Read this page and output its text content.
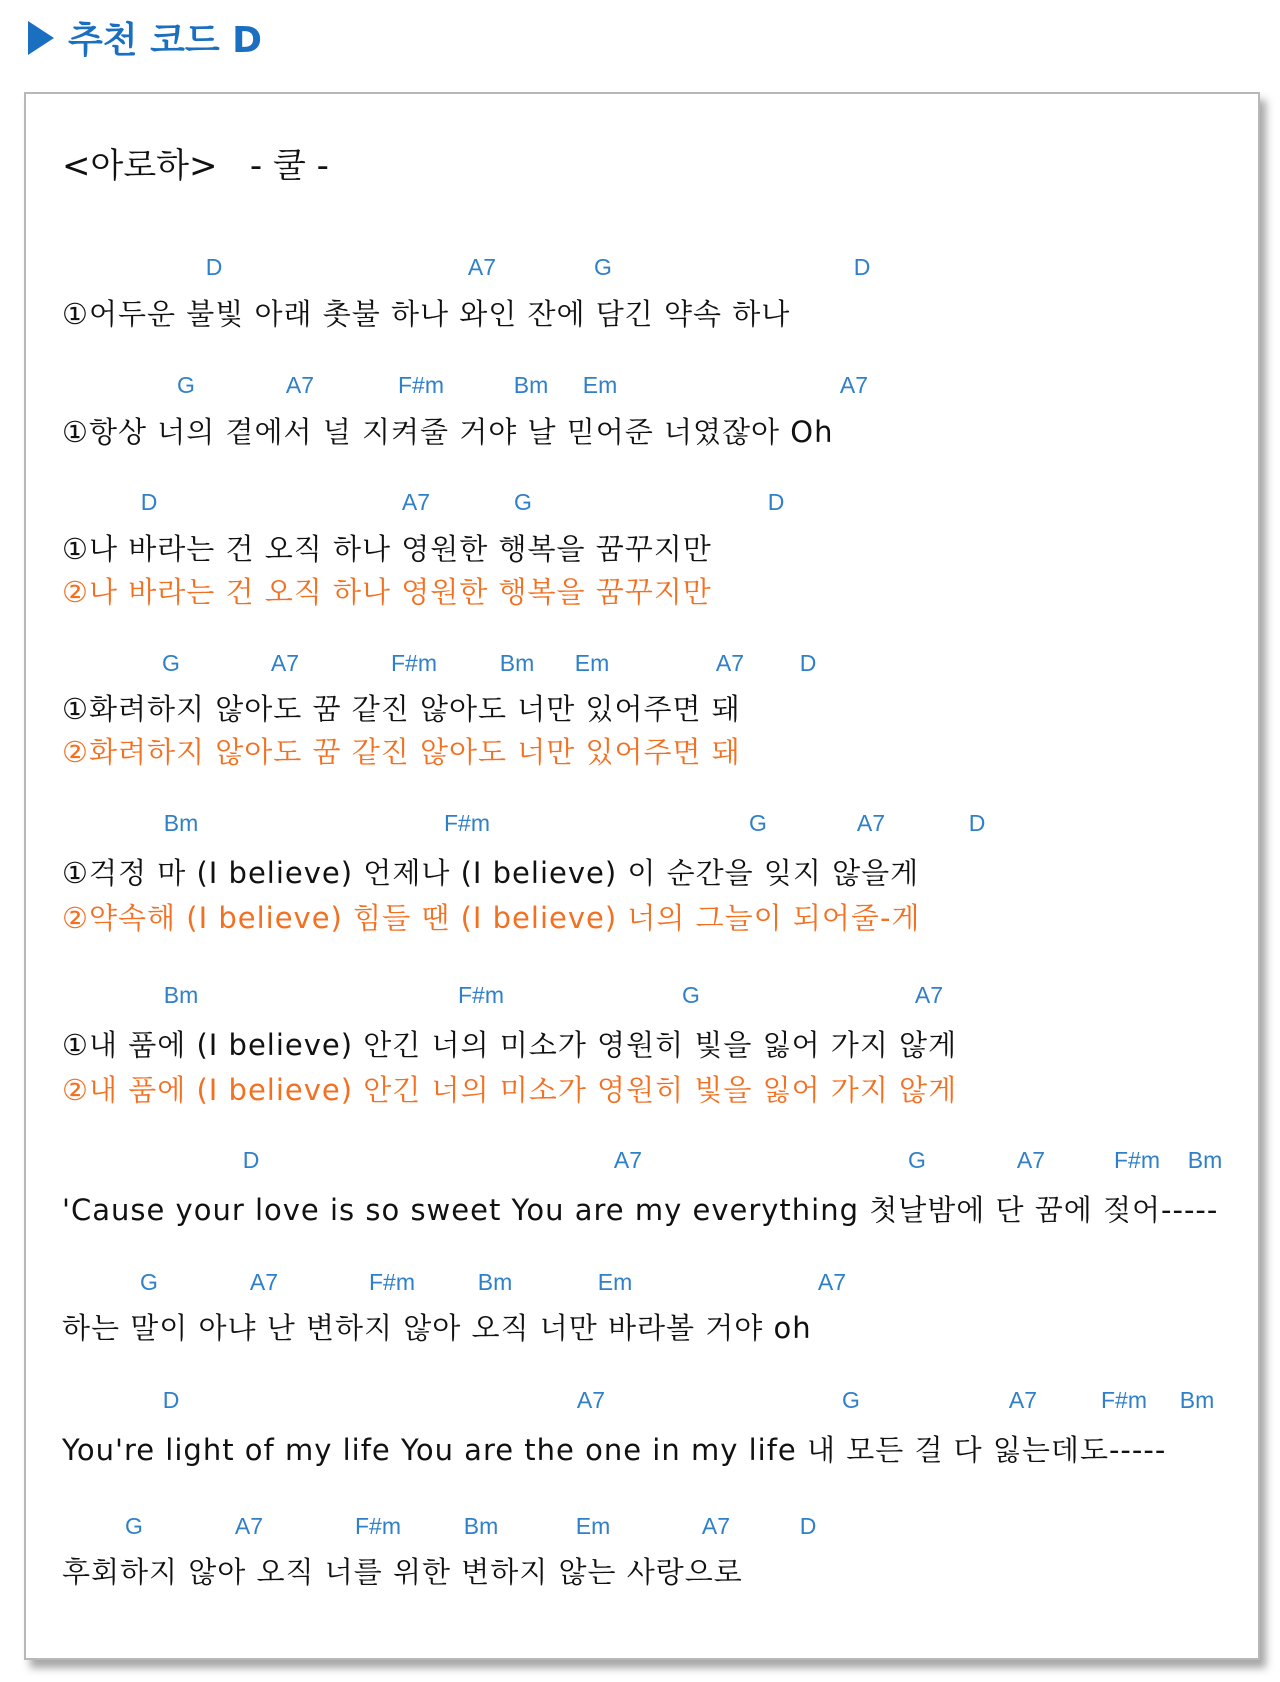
추천 코드 D
<아로하>   - 쿨 -
D	A7	G	D
①어두운 불빛 아래 촛불 하나 와인 잔에 담긴 약속 하나
G	A7	F#m	Bm Em	A7
①항상 너의 곁에서 널 지켜줄 거야 날 믿어준 너였잖아 Oh
D	A7	G	D
①나 바라는 건 오직 하나 영원한 행복을 꿈꾸지만
②나 바라는 건 오직 하나 영원한 행복을 꿈꾸지만
G	A7	F#m	Bm Em	A7 D
①화려하지 않아도 꿈 같진 않아도 너만 있어주면 돼
②화려하지 않아도 꿈 같진 않아도 너만 있어주면 돼
Bm	F#m	G	A7	D
①걱정 마 (I believe) 언제나 (I believe) 이 순간을 잊지 않을게
②약속해 (I believe) 힘들 땐 (I believe) 너의 그늘이 되어줄-게
Bm	F#m	G	A7
①내 품에 (I believe) 안긴 너의 미소가 영원히 빛을 잃어 가지 않게
②내 품에 (I believe) 안긴 너의 미소가 영원히 빛을 잃어 가지 않게
D	A7	G	A7	F#m Bm
'Cause your love is so sweet You are my everything 첫날밤에 단 꿈에 젖어-----
G	A7	F#m	Bm	Em	A7
하는 말이 아냐 난 변하지 않아 오직 너만 바라볼 거야 oh
D	A7	G	A7	F#m Bm
You're light of my life You are the one in my life 내 모든 걸 다 잃는데도-----
G	A7	F#m	Bm	Em	A7	D
후회하지 않아 오직 너를 위한 변하지 않는 사랑으로
